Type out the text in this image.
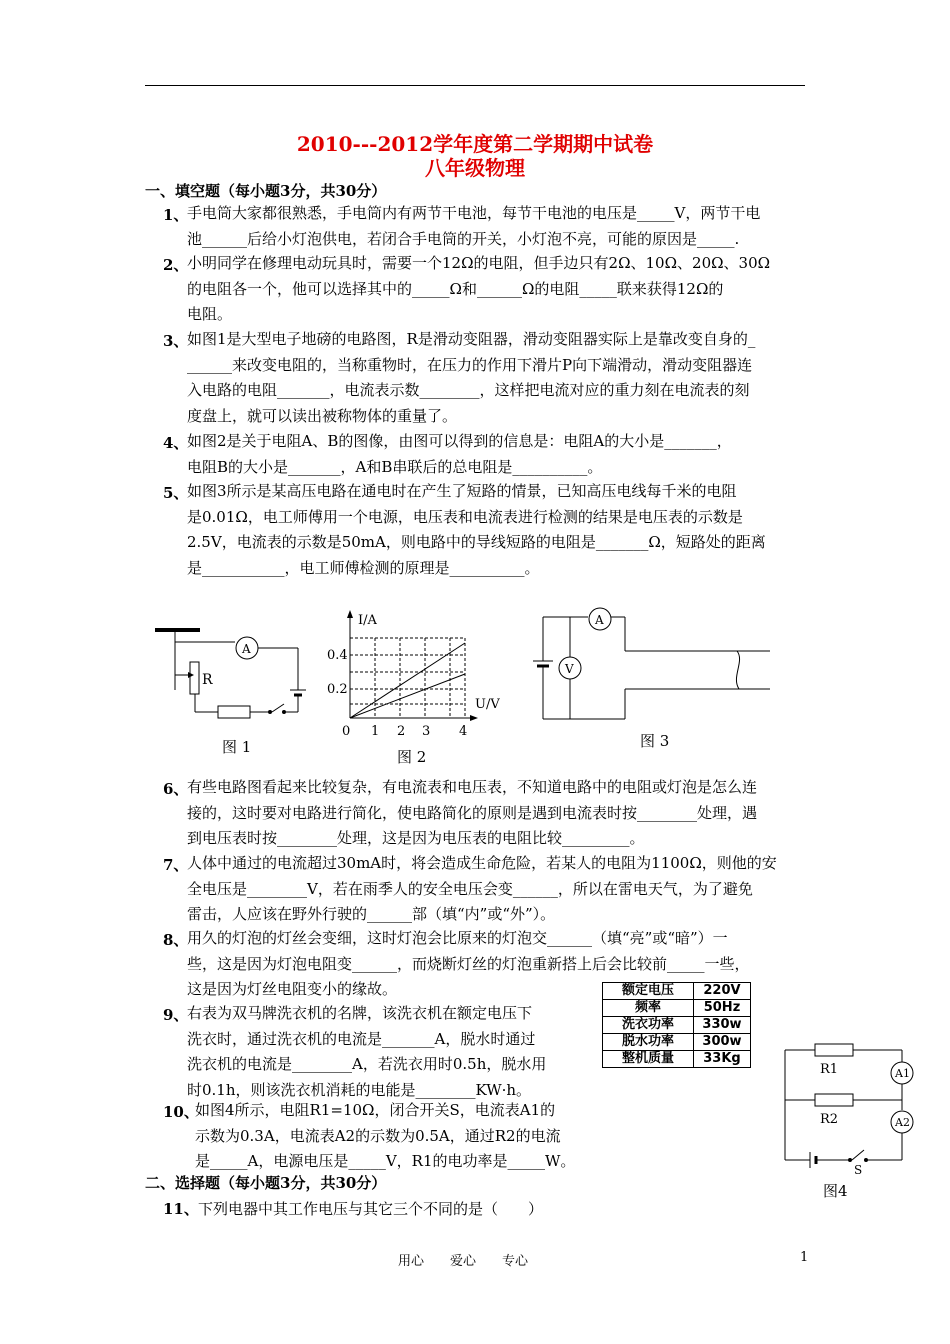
2010---2012学年度第二学期期中试卷
八年级物理
一、填空题（每小题3分，共30分）
1、
手电筒大家都很熟悉，手电筒内有两节干电池，每节干电池的电压是_____V，两节干电
池______后给小灯泡供电，若闭合手电筒的开关，小灯泡不亮，可能的原因是_____.
2、
小明同学在修理电动玩具时，需要一个12Ω的电阻，但手边只有2Ω、10Ω、20Ω、30Ω
的电阻各一个，他可以选择其中的_____Ω和______Ω的电阻_____联来获得12Ω的
电阻。
3、
如图1是大型电子地磅的电路图，R是滑动变阻器，滑动变阻器实际上是靠改变自身的_
______来改变电阻的，当称重物时，在压力的作用下滑片P向下端滑动，滑动变阻器连
入电路的电阻_______，电流表示数________，这样把电流对应的重力刻在电流表的刻
度盘上，就可以读出被称物体的重量了。
4、
如图2是关于电阻A、B的图像，由图可以得到的信息是：电阻A的大小是_______，
电阻B的大小是_______，A和B串联后的总电阻是__________。
5、
如图3所示是某高压电路在通电时在产生了短路的情景，已知高压电线每千米的电阻
是0.01Ω，电工师傅用一个电源，电压表和电流表进行检测的结果是电压表的示数是
2.5V，电流表的示数是50mA，则电路中的导线短路的电阻是_______Ω，短路处的距离
是___________，电工师傅检测的原理是__________。
6、
有些电路图看起来比较复杂，有电流表和电压表，不知道电路中的电阻或灯泡是怎么连
接的，这时要对电路进行简化，使电路简化的原则是遇到电流表时按________处理，遇
到电压表时按________处理，这是因为电压表的电阻比较_________。
7、
人体中通过的电流超过30mA时，将会造成生命危险，若某人的电阻为1100Ω，则他的安
全电压是________V，若在雨季人的安全电压会变______，所以在雷电天气，为了避免
雷击，人应该在野外行驶的______部（填“内”或“外”）。
8、
用久的灯泡的灯丝会变细，这时灯泡会比原来的灯泡交______（填“亮”或“暗”）一
些，这是因为灯泡电阻变______，而烧断灯丝的灯泡重新搭上后会比较前_____一些，
这是因为灯丝电阻变小的缘故。
9、
右表为双马牌洗衣机的名牌，该洗衣机在额定电压下
洗衣时，通过洗衣机的电流是_______A，脱水时通过
洗衣机的电流是________A，若洗衣用时0.5h，脱水用
时0.1h，则该洗衣机消耗的电能是________KW·h。
10、
如图4所示，电阻R1=10Ω，闭合开关S，电流表A1的
示数为0.3A，电流表A2的示数为0.5A，通过R2的电流
是_____A，电源电压是_____V，R1的电功率是_____W。
额定电压	220V
频率	50Hz
洗衣功率	330w
脱水功率	300w
整机质量	33Kg
二、选择题（每小题3分，共30分）
11、 下列电器中其工作电压与其它三个不同的是（　　）
A
R
图 1
I/A
U/V
0.4
0.2
0 1 2 3 4
图 2
A
V
图 3
A1
R1
R2	A2
S
图4
用心　　爱心　　专心	1
